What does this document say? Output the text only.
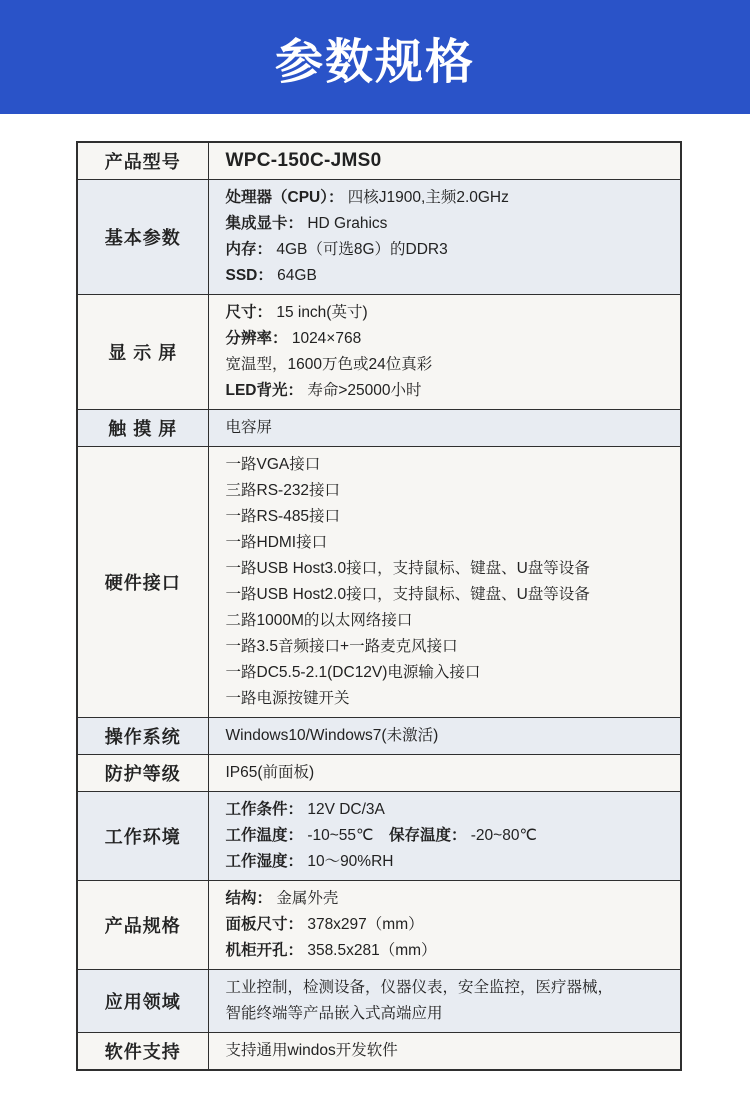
参数规格
产品型号	WPC-150C-JMS0

基本参数	处理器（CPU）： 四核J1900,主频2.0GHz
集成显卡： HD Grahics
内存： 4GB（可选8G）的DDR3
SSD： 64GB

显 示 屏	尺寸： 15 inch(英寸)
分辨率： 1024×768
宽温型，1600万色或24位真彩
LED背光： 寿命>25000小时

触 摸 屏	电容屏

硬件接口	
一路VGA接口
三路RS-232接口
一路RS-485接口
一路HDMI接口
一路USB Host3.0接口，支持鼠标、键盘、U盘等设备
一路USB Host2.0接口，支持鼠标、键盘、U盘等设备
二路1000M的以太网络接口
一路3.5音频接口+一路麦克风接口
一路DC5.5-2.1(DC12V)电源输入接口
一路电源按键开关

操作系统	Windows10/Windows7(未激活)

防护等级	IP65(前面板)

工作环境	工作条件： 12V DC/3A
工作温度： -10~55℃　保存温度： -20~80℃
工作湿度： 10～90%RH

产品规格	结构： 金属外壳
面板尺寸： 378x297（mm）
机柜开孔： 358.5x281（mm）

应用领域	工业控制，检测设备，仪器仪表，安全监控，医疗器械，
智能终端等产品嵌入式高端应用

软件支持	支持通用windos开发软件
